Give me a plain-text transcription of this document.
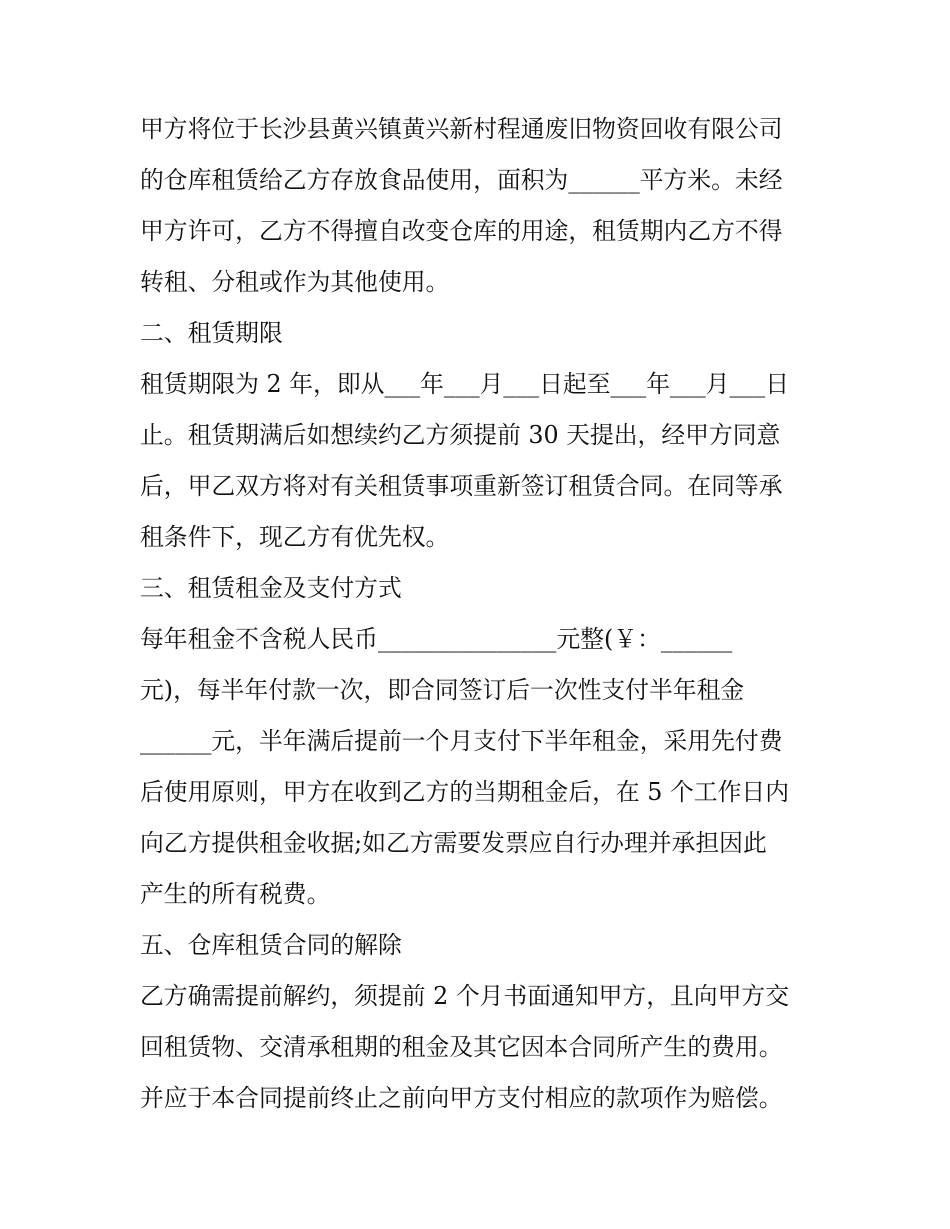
甲方将位于长沙县黄兴镇黄兴新村程通废旧物资回收有限公司

的仓库租赁给乙方存放食品使用，面积为______平方米。未经

甲方许可，乙方不得擅自改变仓库的用途，租赁期内乙方不得

转租、分租或作为其他使用。

二、租赁期限

租赁期限为 2 年，即从___年___月___日起至___年___月___日

止。租赁期满后如想续约乙方须提前 30 天提出，经甲方同意

后，甲乙双方将对有关租赁事项重新签订租赁合同。在同等承

租条件下，现乙方有优先权。

三、租赁租金及支付方式

每年租金不含税人民币_______________元整(￥：______

元)，每半年付款一次，即合同签订后一次性支付半年租金

______元，半年满后提前一个月支付下半年租金，采用先付费

后使用原则，甲方在收到乙方的当期租金后，在 5 个工作日内

向乙方提供租金收据;如乙方需要发票应自行办理并承担因此

产生的所有税费。

五、仓库租赁合同的解除

乙方确需提前解约，须提前 2 个月书面通知甲方，且向甲方交

回租赁物、交清承租期的租金及其它因本合同所产生的费用。

并应于本合同提前终止之前向甲方支付相应的款项作为赔偿。
